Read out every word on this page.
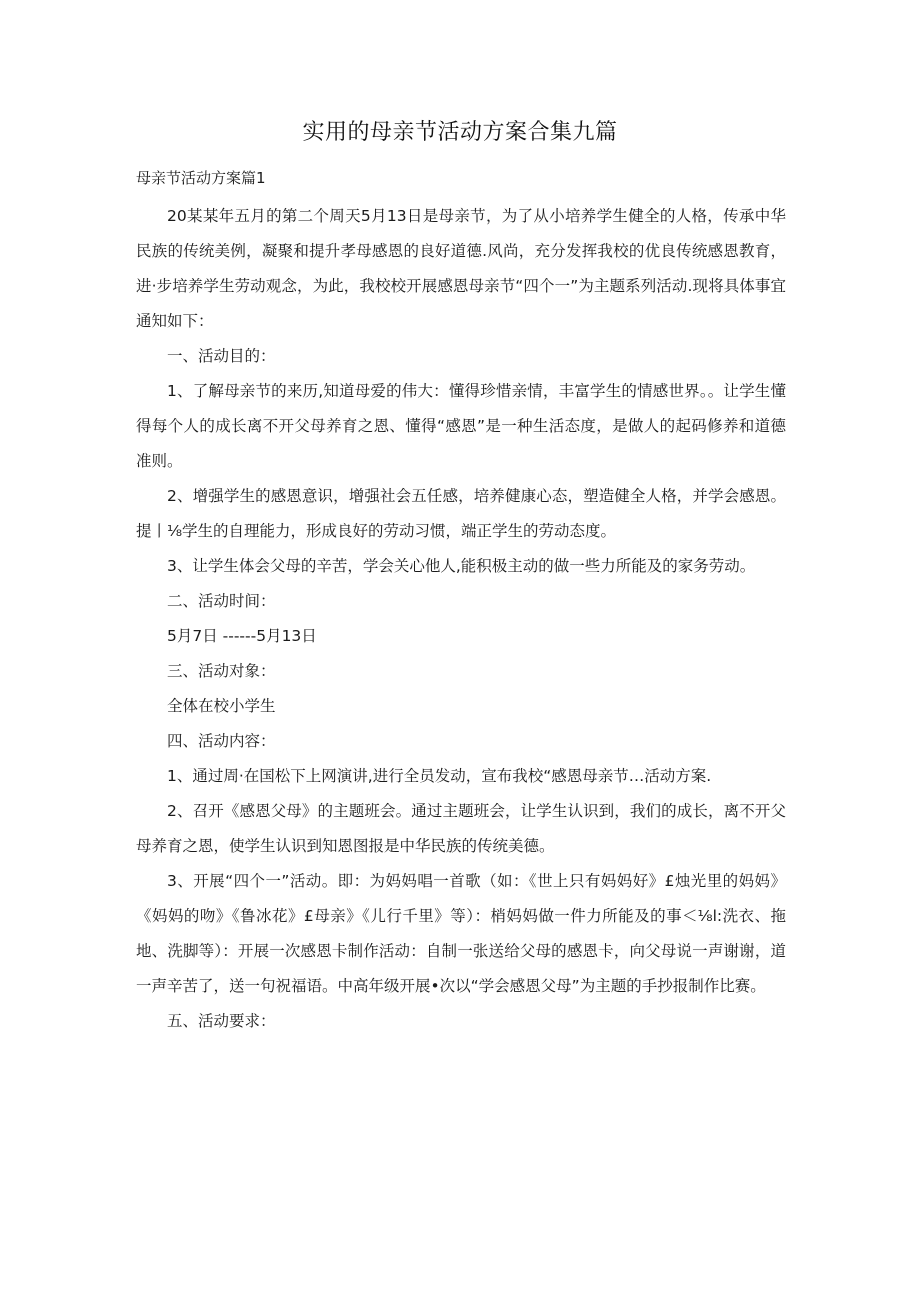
实用的母亲节活动方案合集九篇
母亲节活动方案篇1

20某某年五月的第二个周天5月13日是母亲节，为了从小培养学生健全的人格，传承中华民族的传统美例，凝聚和提升孝母感恩的良好道德.风尚，充分发挥我校的优良传统感恩教育，进·步培养学生劳动观念，为此，我校校开展感恩母亲节“四个一”为主题系列活动.现将具体事宜通知如下：

一、活动目的：

1、了解母亲节的来历,知道母爱的伟大：懂得珍惜亲情，丰富学生的情感世界。。让学生懂得每个人的成长离不开父母养育之恩、懂得“感恩”是一种生活态度，是做人的起码修养和道德准则。

2、增强学生的感恩意识，增强社会五任感，培养健康心态，塑造健全人格，并学会感恩。提丨⅛学生的自理能力，形成良好的劳动习惯，端正学生的劳动态度。

3、让学生体会父母的辛苦，学会关心他人,能积极主动的做一些力所能及的家务劳动。

二、活动时间：

5月7日 ------5月13日

三、活动对象：

全体在校小学生

四、活动内容：

1、通过周·在国松下上网演讲,进行全员发动，宣布我校“感恩母亲节…活动方案.

2、召开《感恩父母》的主题班会。通过主题班会，让学生认识到，我们的成长，离不开父母养育之恩，使学生认识到知恩图报是中华民族的传统美德。

3、开展“四个一”活动。即：为妈妈唱一首歌（如：《世上只有妈妈好》£烛光里的妈妈》《妈妈的吻》《鲁冰花》£母亲》《儿行千里》等）：梢妈妈做一件力所能及的事＜⅛l:洗衣、拖地、洗脚等）：开展一次感恩卡制作活动：自制一张送给父母的感恩卡，向父母说一声谢谢，道一声辛苦了，送一句祝福语。中高年级开展•次以“学会感恩父母”为主题的手抄报制作比赛。

五、活动要求：
